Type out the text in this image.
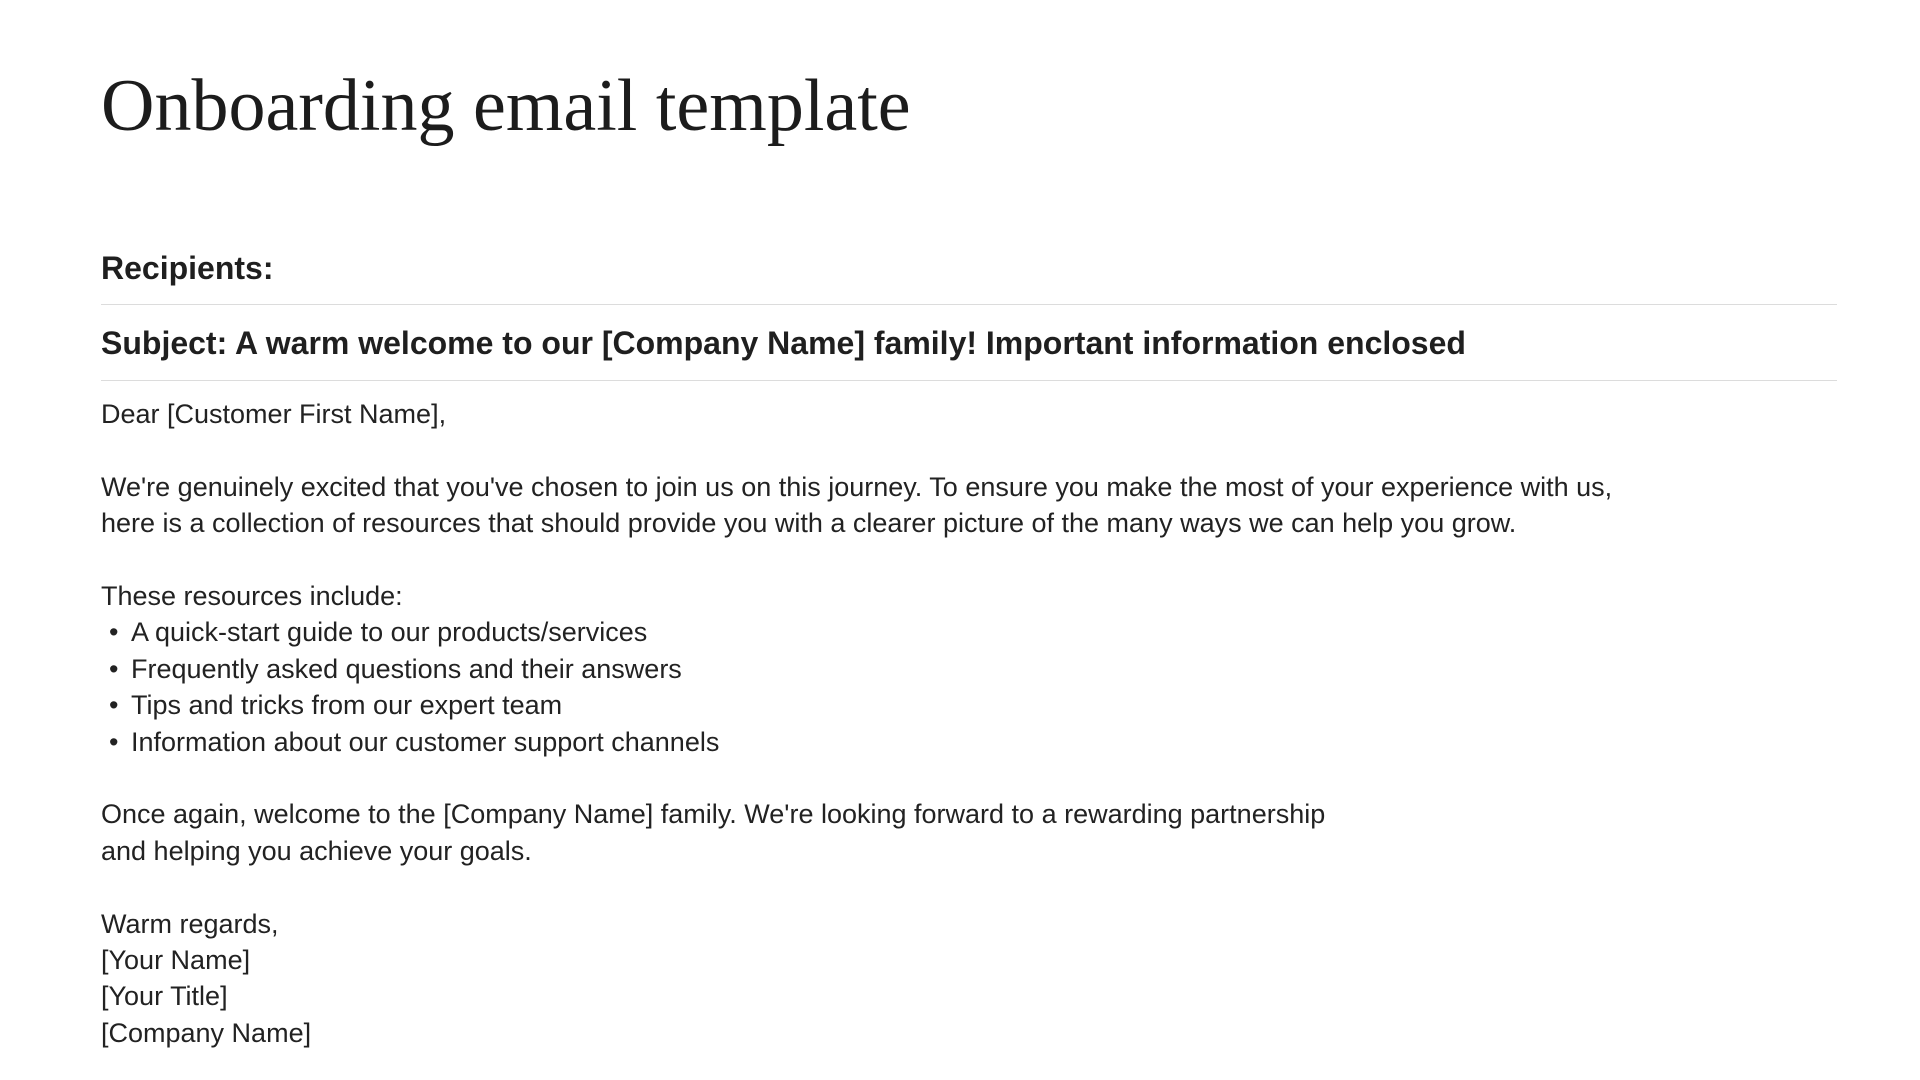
Onboarding email template
Recipients:
Subject: A warm welcome to our [Company Name] family! Important information enclosed

Dear [Customer First Name],

We're genuinely excited that you've chosen to join us on this journey. To ensure you make the most of your experience with us,

here is a collection of resources that should provide you with a clearer picture of the many ways we can help you grow.

These resources include:

• A quick-start guide to our products/services
• Frequently asked questions and their answers
• Tips and tricks from our expert team
• Information about our customer support channels

Once again, welcome to the [Company Name] family. We're looking forward to a rewarding partnership

and helping you achieve your goals.

Warm regards,

[Your Name]

[Your Title]

[Company Name]
